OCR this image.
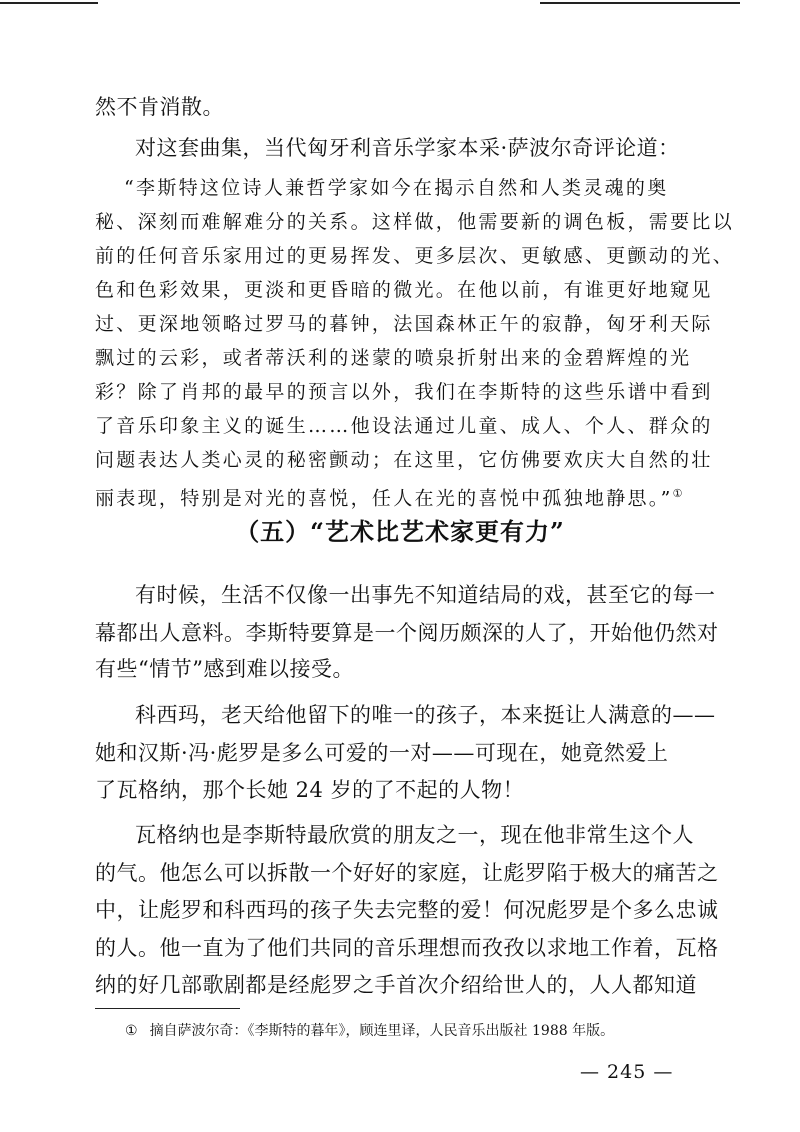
然不肯消散。
对这套曲集，当代匈牙利音乐学家本采·萨波尔奇评论道：
“李斯特这位诗人兼哲学家如今在揭示自然和人类灵魂的奥
秘、深刻而难解难分的关系。这样做，他需要新的调色板，需要比以
前的任何音乐家用过的更易挥发、更多层次、更敏感、更颤动的光、
色和色彩效果，更淡和更昏暗的微光。在他以前，有谁更好地窥见
过、更深地领略过罗马的暮钟，法国森林正午的寂静，匈牙利天际
飘过的云彩，或者蒂沃利的迷蒙的喷泉折射出来的金碧辉煌的光
彩？除了肖邦的最早的预言以外，我们在李斯特的这些乐谱中看到
了音乐印象主义的诞生……他设法通过儿童、成人、个人、群众的
问题表达人类心灵的秘密颤动；在这里，它仿佛要欢庆大自然的壮
丽表现，特别是对光的喜悦，任人在光的喜悦中孤独地静思。”①
（五）“艺术比艺术家更有力”
有时候，生活不仅像一出事先不知道结局的戏，甚至它的每一
幕都出人意料。李斯特要算是一个阅历颇深的人了，开始他仍然对
有些“情节”感到难以接受。
科西玛，老天给他留下的唯一的孩子，本来挺让人满意的——
她和汉斯·冯·彪罗是多么可爱的一对——可现在，她竟然爱上
了瓦格纳，那个长她 24 岁的了不起的人物！
瓦格纳也是李斯特最欣赏的朋友之一，现在他非常生这个人
的气。他怎么可以拆散一个好好的家庭，让彪罗陷于极大的痛苦之
中，让彪罗和科西玛的孩子失去完整的爱！何况彪罗是个多么忠诚
的人。他一直为了他们共同的音乐理想而孜孜以求地工作着，瓦格
纳的好几部歌剧都是经彪罗之手首次介绍给世人的，人人都知道
① 摘自萨波尔奇：《李斯特的暮年》，顾连里译，人民音乐出版社 1988 年版。
— 245 —
